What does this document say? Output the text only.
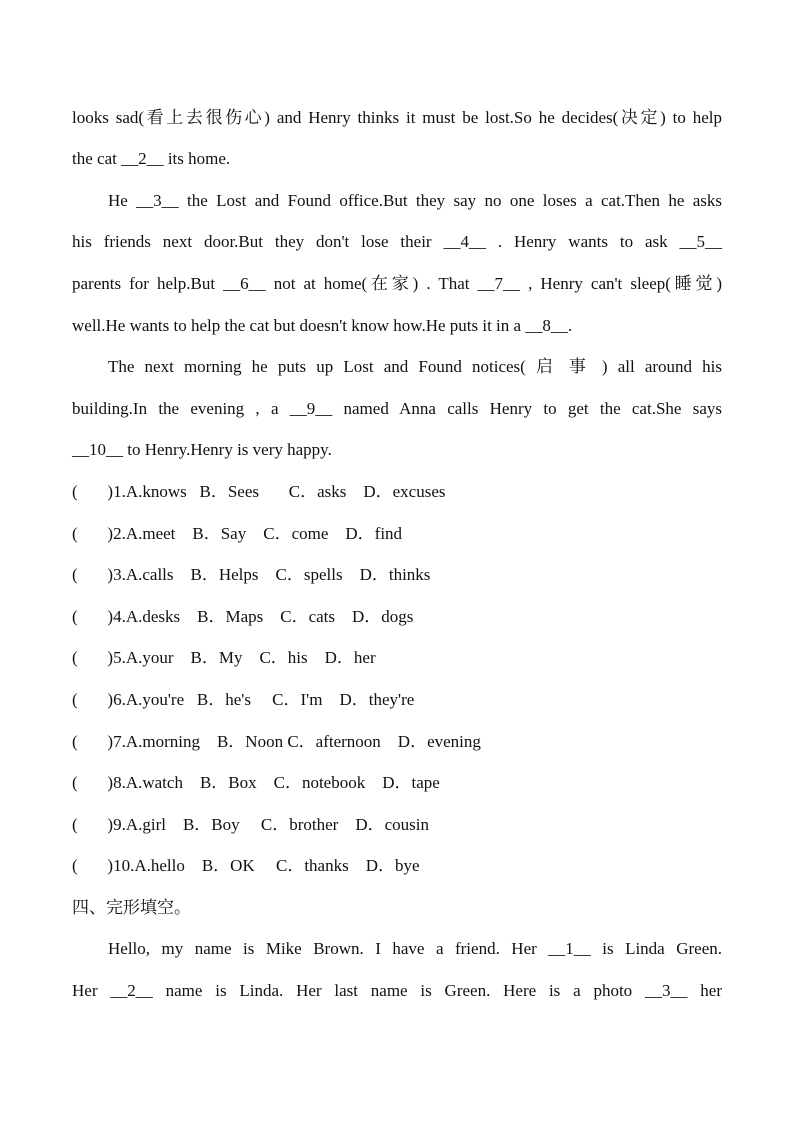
looks sad(看上去很伤心) and Henry thinks it must be lost.So he decides(决定) to help
the cat __2__ its home.
He __3__ the Lost and Found office.But they say no one loses a cat.Then he asks
his friends next door.But they don't lose their __4__ . Henry wants to ask __5__
parents for help.But __6__ not at home(在家) . That __7__ , Henry can't sleep(睡觉)
well.He wants to help the cat but doesn't know how.He puts it in a __8__.
The next morning he puts up Lost and Found notices( 启 事 ) all around his
building.In the evening , a __9__ named Anna calls Henry to get the cat.She says
__10__ to Henry.Henry is very happy.
(       )1.A.knows   B．Sees       C．asks    D．excuses
(       )2.A.meet    B．Say    C．come    D．find
(       )3.A.calls    B．Helps    C．spells    D．thinks
(       )4.A.desks    B．Maps    C．cats    D．dogs
(       )5.A.your    B．My    C．his    D．her
(       )6.A.you're   B．he's     C．I'm    D．they're
(       )7.A.morning    B．Noon C．afternoon    D．evening
(       )8.A.watch    B．Box    C．notebook    D．tape
(       )9.A.girl    B．Boy     C．brother    D．cousin
(       )10.A.hello    B．OK     C．thanks    D．bye
四、完形填空。
Hello, my name is Mike Brown. I have a friend. Her __1__ is Linda Green.
Her __2__ name is Linda. Her last name is Green. Here is a photo __3__ her
